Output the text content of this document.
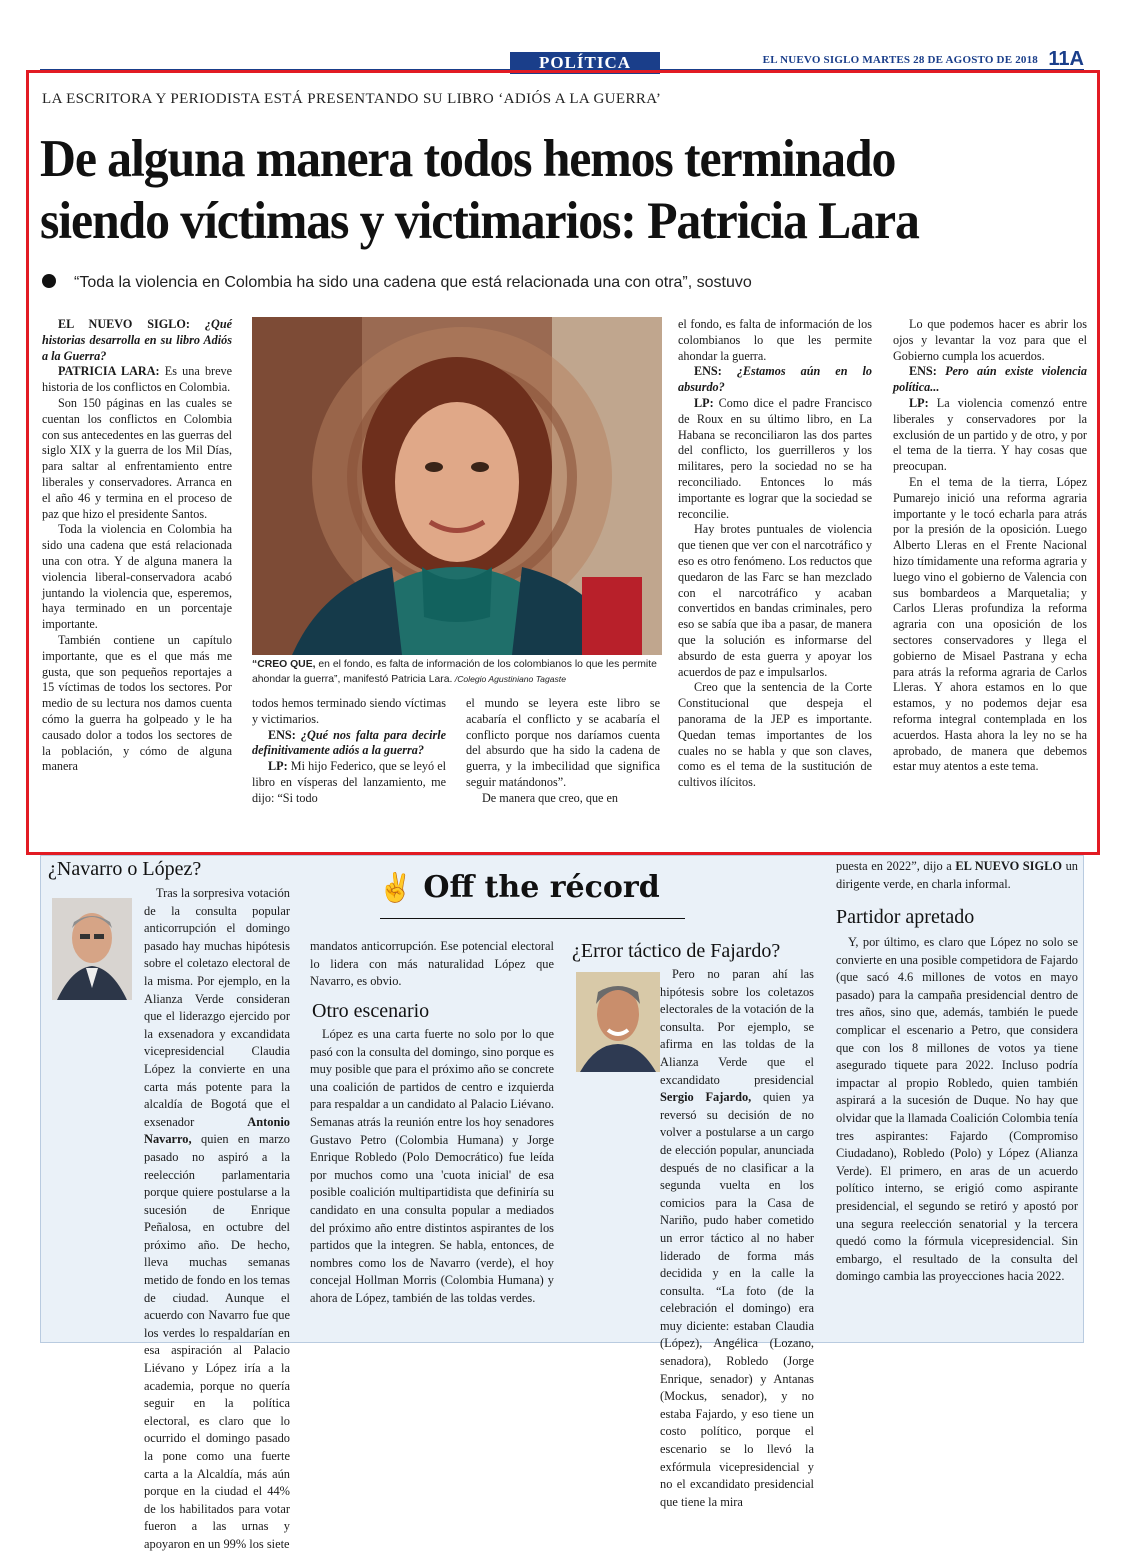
POLÍTICA	EL NUEVO SIGLO MARTES 28 DE AGOSTO DE 2018 11A
LA ESCRITORA Y PERIODISTA ESTÁ PRESENTANDO SU LIBRO ‘ADIÓS A LA GUERRA’
De alguna manera todos hemos terminado
siendo víctimas y victimarios: Patricia Lara
“Toda la violencia en Colombia ha sido una cadena que está relacionada una con otra”, sostuvo
EL NUEVO SIGLO: ¿Qué historias desarrolla en su libro Adiós a la Guerra?
PATRICIA LARA: Es una breve historia de los conflictos en Colombia.

Son 150 páginas en las cuales se cuentan los conflictos en Colombia con sus antecedentes en las guerras del siglo XIX y la guerra de los Mil Días, para saltar al enfrentamiento entre liberales y conservadores. Arranca en el año 46 y termina en el proceso de paz que hizo el presidente Santos.

Toda la violencia en Colombia ha sido una cadena que está relacionada una con otra. Y de alguna manera la violencia liberal-conservadora acabó juntando la violencia que, esperemos, haya terminado en un porcentaje importante.

También contiene un capítulo importante, que es el que más me gusta, que son pequeños reportajes a 15 víctimas de todos los sectores. Por medio de su lectura nos damos cuenta cómo la guerra ha golpeado y le ha causado dolor a todos los sectores de la población, y cómo de alguna manera

“CREO QUE, en el fondo, es falta de información de los colombianos lo que les permite ahondar la guerra”, manifestó Patricia Lara. /Colegio Agustiniano Tagaste
todos hemos terminado siendo víctimas y victimarios.
ENS: ¿Qué nos falta para decirle definitivamente adiós a la guerra?
LP: Mi hijo Federico, que se leyó el libro en vísperas del lanzamiento, me dijo: “Si todo
el mundo se leyera este libro se acabaría el conflicto y se acabaría el conflicto porque nos daríamos cuenta del absurdo que ha sido la cadena de guerra, y la imbecilidad que significa seguir matándonos”.

De manera que creo, que en

el fondo, es falta de información de los colombianos lo que les permite ahondar la guerra.
ENS: ¿Estamos aún en lo absurdo?
LP: Como dice el padre Francisco de Roux en su último libro, en La Habana se reconciliaron las dos partes del conflicto, los guerrilleros y los militares, pero la sociedad no se ha reconciliado. Entonces lo más importante es lograr que la sociedad se reconcilie.

Hay brotes puntuales de violencia que tienen que ver con el narcotráfico y eso es otro fenómeno. Los reductos que quedaron de las Farc se han mezclado con el narcotráfico y acaban convertidos en bandas criminales, pero eso se sabía que iba a pasar, de manera que la solución es informarse del absurdo de esta guerra y apoyar los acuerdos de paz e impulsarlos.

Creo que la sentencia de la Corte Constitucional que despeja el panorama de la JEP es importante. Quedan temas importantes de los cuales no se habla y que son claves, como es el tema de la sustitución de cultivos ilícitos.

Lo que podemos hacer es abrir los ojos y levantar la voz para que el Gobierno cumpla los acuerdos.

ENS: Pero aún existe violencia política...
LP: La violencia comenzó entre liberales y conservadores por la exclusión de un partido y de otro, y por el tema de la tierra. Y hay cosas que preocupan.

En el tema de la tierra, López Pumarejo inició una reforma agraria importante y le tocó echarla para atrás por la presión de la oposición. Luego Alberto Lleras en el Frente Nacional hizo tímidamente una reforma agraria y luego vino el gobierno de Valencia con sus bombardeos a Marquetalia; y Carlos Lleras profundiza la reforma agraria con una oposición de los sectores conservadores y llega el gobierno de Misael Pastrana y echa para atrás la reforma agraria de Carlos Lleras. Y ahora estamos en lo que estamos, y no podemos dejar esa reforma integral contemplada en los acuerdos. Hasta ahora la ley no se ha aprobado, de manera que debemos estar muy atentos a este tema.

✌ Off the récord
¿Navarro o López?

Tras la sorpresiva votación de la consulta popular anticorrupción el domingo pasado hay muchas hipótesis sobre el coletazo electoral de la misma. Por ejemplo, en la Alianza Verde consideran que el liderazgo ejercido por la exsenadora y excandidata vicepresidencial Claudia López la convierte en una carta más potente para la alcaldía de Bogotá que el exsenador	Antonio Navarro, quien en marzo pasado no aspiró a la reelección parlamentaria porque quiere postularse a la sucesión de Enrique Peñalosa, en octubre del próximo año. De hecho, lleva muchas semanas metido de fondo en los temas de ciudad. Aunque el acuerdo con Navarro fue que los verdes lo respaldarían en esa aspiración al Palacio Liévano y López iría a la academia, porque no quería seguir en la política electoral, es claro que lo ocurrido el domingo pasado la pone como una fuerte carta a la Alcaldía, más aún porque en la ciudad el 44% de los habilitados para votar fueron a las urnas y apoyaron en un 99% los siete

mandatos anticorrupción. Ese potencial electoral lo lidera con más naturalidad López que Navarro, es obvio.
Otro escenario

López es una carta fuerte no solo por lo que pasó con la consulta del domingo, sino porque es muy posible que para el próximo año se concrete una coalición de partidos de centro e izquierda para respaldar a un candidato al Palacio Liévano. Semanas atrás la reunión entre los hoy senadores Gustavo Petro (Colombia Humana) y Jorge Enrique Robledo (Polo Democrático) fue leída por muchos como una 'cuota inicial' de esa posible coalición multipartidista que definiría su candidato en una consulta popular a mediados del próximo año entre distintos aspirantes de los partidos que la integren. Se habla, entonces, de nombres como los de Navarro (verde), el hoy concejal Hollman Morris (Colombia Humana) y ahora de López, también de las toldas verdes.

¿Error táctico de Fajardo?

Pero no paran ahí las hipótesis sobre los coletazos electorales de la votación de la consulta. Por ejemplo, se afirma en las toldas de la Alianza Verde que el excandidato presidencial Sergio Fajardo, quien ya reversó su decisión de no volver a postularse a un cargo de elección popular, anunciada después de no clasificar a la segunda vuelta en los comicios para la Casa de Nariño, pudo haber cometido un error táctico al no haber liderado de forma más decidida y en la calle la consulta. “La foto (de la celebración el domingo) era muy diciente: estaban Claudia (López), Angélica (Lozano, senadora), Robledo (Jorge Enrique, senador) y Antanas (Mockus, senador), y no estaba Fajardo, y eso tiene un costo político, porque el escenario se lo llevó la exfórmula vicepresidencial y no el excandidato presidencial que tiene la mira

puesta en 2022”, dijo a EL NUEVO SIGLO un dirigente verde, en charla informal.
Partidor apretado

Y, por último, es claro que López no solo se convierte en una posible competidora de Fajardo (que sacó 4.6 millones de votos en mayo pasado) para la campaña presidencial dentro de tres años, sino que, además, también le puede complicar el escenario a Petro, que considera que con los 8 millones de votos ya tiene asegurado tiquete para 2022. Incluso podría impactar al propio Robledo, quien también aspirará a la sucesión de Duque. No hay que olvidar que la llamada Coalición Colombia tenía tres aspirantes: Fajardo (Compromiso Ciudadano), Robledo (Polo) y López (Alianza Verde). El primero, en aras de un acuerdo político interno, se erigió como aspirante presidencial, el segundo se retiró y apostó por una segura reelección senatorial y la tercera quedó como la fórmula vicepresidencial. Sin embargo, el resultado de la consulta del domingo cambia las proyecciones hacia 2022.
